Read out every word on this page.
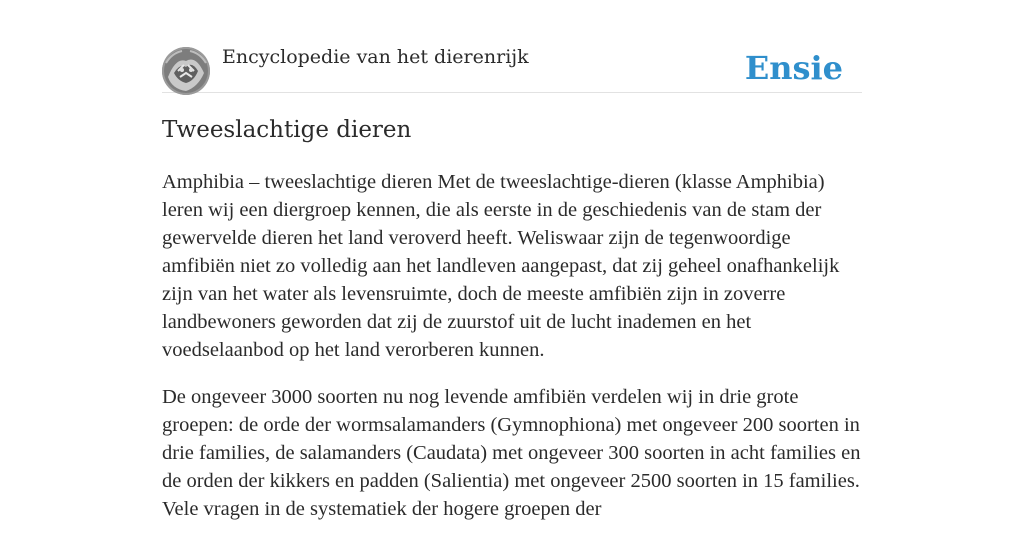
Encyclopedie van het dierenrijk	Ensie
Tweeslachtige dieren

Amphibia – tweeslachtige dieren Met de tweeslachtige-dieren (klasse Amphibia) leren wij een diergroep kennen, die als eerste in de geschiedenis van de stam der gewervelde dieren het land veroverd heeft. Weliswaar zijn de tegenwoordige amfibiën niet zo volledig aan het landleven aangepast, dat zij geheel onafhankelijk zijn van het water als levensruimte, doch de meeste amfibiën zijn in zoverre landbewoners geworden dat zij de zuurstof uit de lucht inademen en het voedselaanbod op het land verorberen kunnen.

De ongeveer 3000 soorten nu nog levende amfibiën verdelen wij in drie grote groepen: de orde der wormsalamanders (Gymnophiona) met ongeveer 200 soorten in drie families, de salamanders (Caudata) met ongeveer 300 soorten in acht families en de orden der kikkers en padden (Salientia) met ongeveer 2500 soorten in 15 families. Vele vragen in de systematiek der hogere groepen der
